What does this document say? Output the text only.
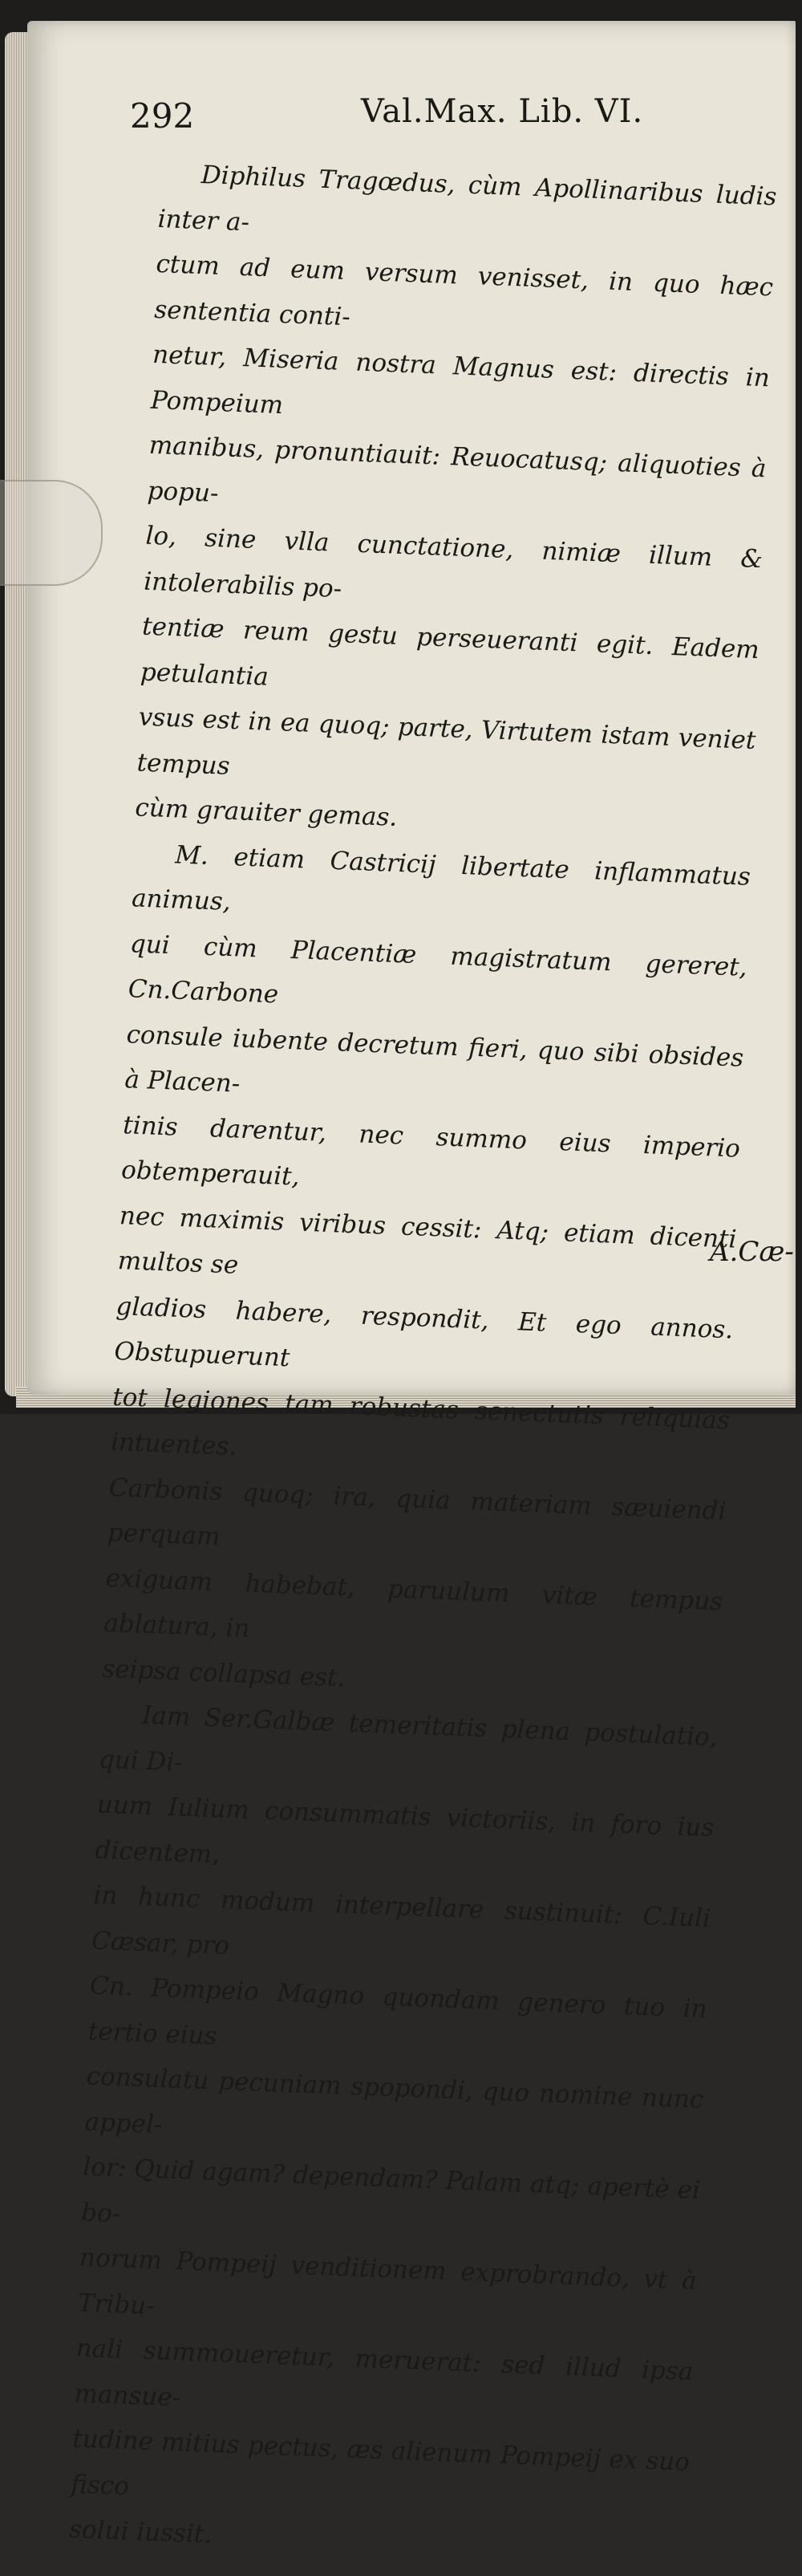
292	Val.Max. Lib. VI.

Diphilus Tragœdus, cùm Apollinaribus ludis inter a-
ctum ad eum versum venisset, in quo hæc sententia conti-
netur, Miseria nostra Magnus est: directis in Pompeium
manibus, pronuntiauit: Reuocatusq; aliquoties à popu-
lo, sine vlla cunctatione, nimiæ illum & intolerabilis po-
tentiæ reum gestu perseueranti egit. Eadem petulantia
vsus est in ea quoq; parte, Virtutem istam veniet tempus
cùm grauiter gemas.

M. etiam Castricij libertate inflammatus animus,
qui cùm Placentiæ magistratum gereret, Cn.Carbone
consule iubente decretum fieri, quo sibi obsides à Placen-
tinis darentur, nec summo eius imperio obtemperauit,
nec maximis viribus cessit: Atq; etiam dicenti multos se
gladios habere, respondit, Et ego annos. Obstupuerunt
tot legiones tam robustas senectutis reliquias intuentes.
Carbonis quoq; ira, quia materiam sæuiendi perquam
exiguam habebat, paruulum vitæ tempus ablatura, in
seipsa collapsa est.

Iam Ser.Galbæ temeritatis plena postulatio, qui Di-
uum Iulium consummatis victoriis, in foro ius dicentem,
in hunc modum interpellare sustinuit: C.Iuli Cæsar, pro
Cn. Pompeio Magno quondam genero tuo in tertio eius
consulatu pecuniam spopondi, quo nomine nunc appel-
lor: Quid agam? dependam? Palam atq; apertè ei bo-
norum Pompeij venditionem exprobrando, vt à Tribu-
nali summoueretur, meruerat: sed illud ipsa mansue-
tudine mitius pectus, æs alienum Pompeij ex suo fisco
solui iussit.

A.Cæ-
